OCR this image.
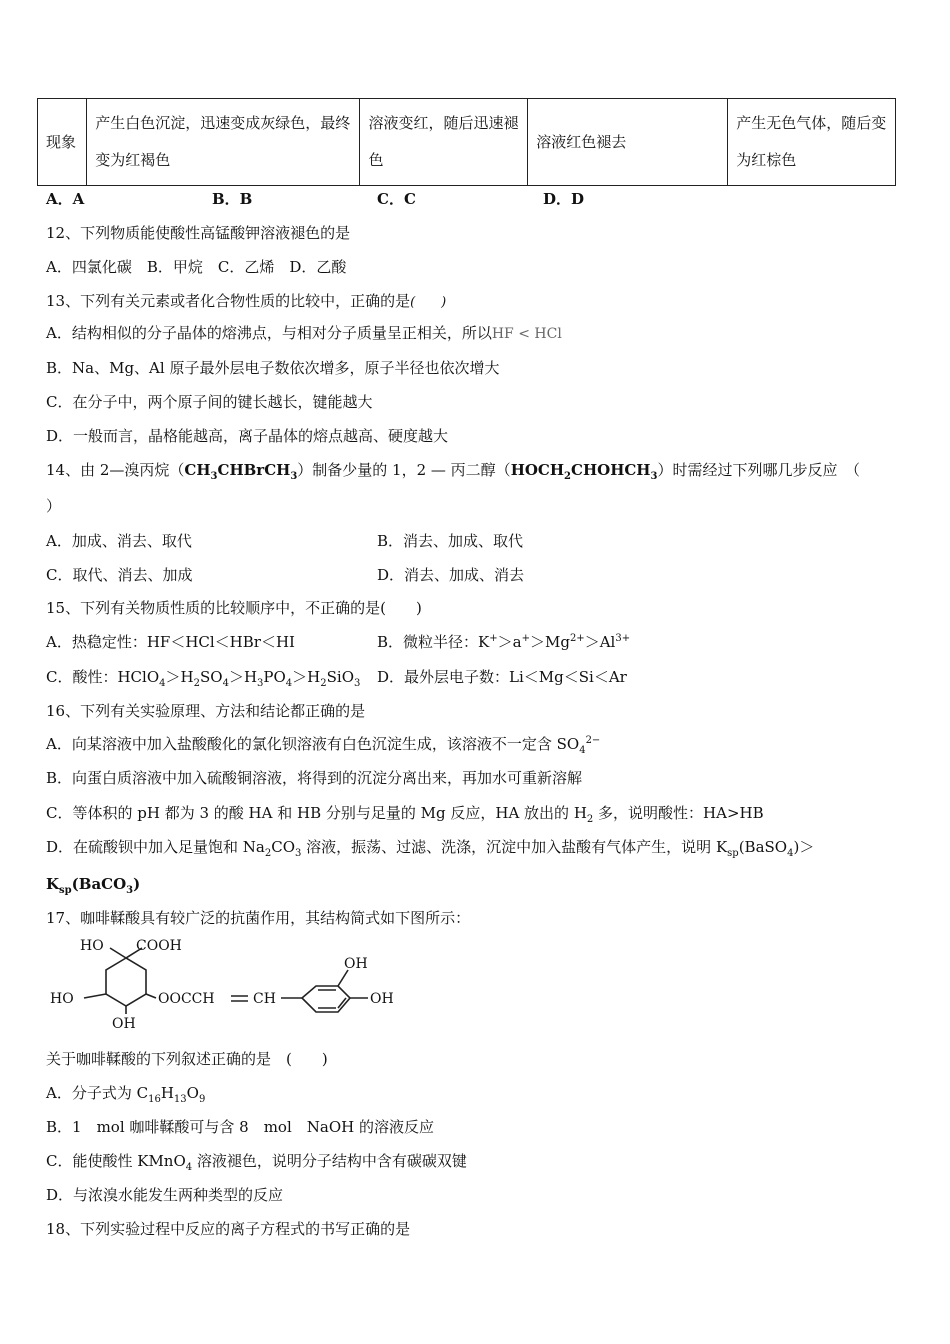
现象	产生白色沉淀，迅速变成灰绿色，最终变为红褐色	溶液变红，随后迅速褪色	溶液红色褪去	产生无色气体，随后变为红棕色
A．A	B．B	C．C	D．D
12、下列物质能使酸性高锰酸钾溶液褪色的是
A．四氯化碳　B．甲烷　C．乙烯　D．乙酸
13、下列有关元素或者化合物性质的比较中，正确的是(　　)
A．结构相似的分子晶体的熔沸点，与相对分子质量呈正相关，所以HF < HCl
B．Na、Mg、Al 原子最外层电子数依次增多，原子半径也依次增大
C．在分子中，两个原子间的键长越长，键能越大
D．一般而言，晶格能越高，离子晶体的熔点越高、硬度越大
14、由 2—溴丙烷$(CH_3CHBrCH_3)$制备少量的 1，2 — 丙二醇$(HOCH_2CHOHCH_3)$时需经过下列哪几步反应　（
）
A．加成、消去、取代	B．消去、加成、取代
C．取代、消去、加成	D．消去、加成、消去
15、下列有关物质性质的比较顺序中，不正确的是(　　)
A．热稳定性：HF＜HCl＜HBr＜HI	B．微粒半径：$K^+>a^+>Mg^{2+}>Al^{3+}$
C．酸性：$HClO_4>H_2SO_4>H_3PO_4>H_2SiO_3$ D．最外层电子数：Li＜Mg＜Si＜Ar
16、下列有关实验原理、方法和结论都正确的是
A．向某溶液中加入盐酸酸化的氯化钡溶液有白色沉淀生成，该溶液不一定含 $SO_4^{2-}$
B．向蛋白质溶液中加入硫酸铜溶液，将得到的沉淀分离出来，再加水可重新溶解
C．等体积的 pH 都为 3 的酸 HA 和 HB 分别与足量的 Mg 反应，HA 放出的 $H_2$ 多，说明酸性：HA>HB
D．在硫酸钡中加入足量饱和 $Na_2CO_3$ 溶液，振荡、过滤、洗涤，沉淀中加入盐酸有气体产生，说明 $K_{sp}(BaSO_4)>$
$K_{sp}(BaCO_3)$
17、咖啡鞣酸具有较广泛的抗菌作用，其结构简式如下图所示：
HO COOH
HO
OH
OOCCH	CH
OH
OH
关于咖啡鞣酸的下列叙述正确的是　(　　)
A．分子式为 $C_{16}H_{13}O_9$
B．1　mol 咖啡鞣酸可与含 8　mol　NaOH 的溶液反应
C．能使酸性 KMnO$_4$ 溶液褪色，说明分子结构中含有碳碳双键
D．与浓溴水能发生两种类型的反应
18、下列实验过程中反应的离子方程式的书写正确的是
